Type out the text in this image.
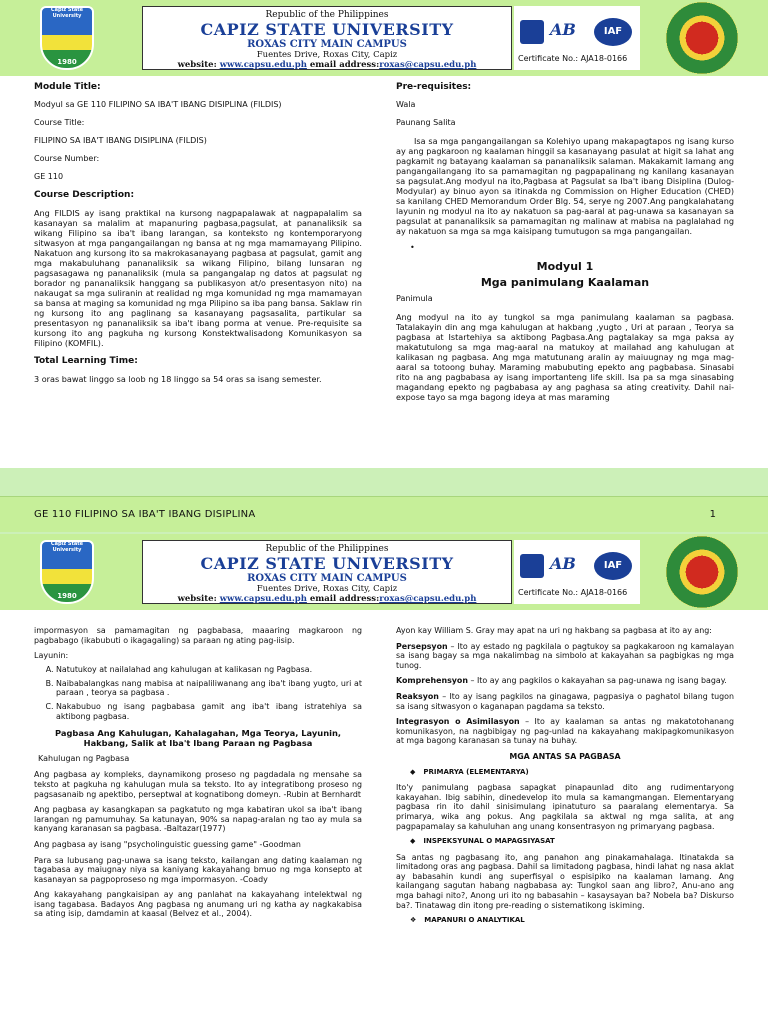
Capiz State University
1980
Republic of the Philippines
CAPIZ STATE UNIVERSITY
ROXAS CITY MAIN CAMPUS
Fuentes Drive, Roxas City, Capiz
website: www.capsu.edu.ph email address:roxas@capsu.edu.ph
AB	IAF
Certificate No.: AJA18-0166
Module Title:
Modyul sa GE 110 FILIPINO SA IBA'T IBANG DISIPLINA (FILDIS)
Course Title:
FILIPINO SA IBA'T IBANG DISIPLINA (FILDIS)
Course Number:
GE 110
Course Description:

Ang FILDIS ay isang praktikal na kursong nagpapalawak at nagpapalalim sa kasanayan sa malalim at mapanuring pagbasa,pagsulat, at pananaliksik sa wikang Filipino sa iba't ibang larangan, sa konteksto ng kontemporaryong sitwasyon at mga pangangailangan ng bansa at ng mga mamamayang Pilipino. Nakatuon ang kursong ito sa makrokasanayang pagbasa at pagsulat, gamit ang mga makabuluhang pananaliksik sa wikang Filipino, bilang lunsaran ng pagsasagawa ng pananaliksik (mula sa pangangalap ng datos at pagsulat ng borador ng pananaliksik hanggang sa publikasyon at/o presentasyon nito) na nakaugat sa mga suliranin at realidad ng mga komunidad ng mga mamamayan sa bansa at maging sa komunidad ng mga Pilipino sa iba pang bansa. Saklaw rin ng kursong ito ang paglinang sa kasanayang pagsasalita, partikular sa presentasyon ng pananaliksik sa iba't ibang porma at venue. Pre-requisite sa kursong ito ang pagkuha ng kursong Konstektwalisadong Komunikasyon sa Filipino (KOMFIL).

Total Learning Time:

3 oras bawat linggo sa loob ng 18 linggo sa 54 oras sa isang semester.

Pre-requisites:
Wala
Paunang Salita

Isa sa mga pangangailangan sa Kolehiyo upang makapagtapos ng isang kurso ay ang pagkaroon ng kaalaman hinggil sa kasanayang pasulat at higit sa lahat ang pagkamit ng batayang kaalaman sa pananaliksik salaman. Makakamit lamang ang pangangailangang ito sa pamamagitan ng pagpapalinang ng kanilang kasanayan sa pagsulat.Ang modyul na ito,Pagbasa at Pagsulat sa Iba't ibang Disiplina (Dulog-Modyular) ay binuo ayon sa itinakda ng Commission on Higher Education (CHED) sa kanilang CHED Memorandum Order Blg. 54, serye ng 2007.Ang pangkalahatang layunin ng modyul na ito ay nakatuon sa pag-aaral at pag-unawa sa kasanayan sa pagsulat at pananaliksik sa pamamagitan ng malinaw at mabisa na paglalahad ng ay nakatuon sa mga sa mga kaisipang tumutugon sa mga pangangailan.

•
Modyul 1
Mga panimulang Kaalaman
Panimula

Ang modyul na ito ay tungkol sa mga panimulang kaalaman sa pagbasa. Tatalakayin din ang mga kahulugan at hakbang ,yugto , Uri at paraan , Teorya sa pagbasa at Istartehiya sa aktibong Pagbasa.Ang pagtalakay sa mga paksa ay makatutulong sa mga mag-aaral na matukoy at mailahad ang kahulugan at kalikasan ng pagbasa. Ang mga matutunang aralin ay maiuugnay ng mga mag-aaral sa totoong buhay. Maraming mabubuting epekto ang pagbabasa. Sinasabi rito na ang pagbabasa ay isang importanteng life skill. Isa pa sa mga sinasabing magandang epekto ng pagbabasa ay ang paghasa sa ating creativity. Dahil nai-expose tayo sa mga bagong ideya at mas maraming

GE 110 FILIPINO SA IBA'T IBANG DISIPLINA	1
Capiz State University
1980
Republic of the Philippines
CAPIZ STATE UNIVERSITY
ROXAS CITY MAIN CAMPUS
Fuentes Drive, Roxas City, Capiz
website: www.capsu.edu.ph email address:roxas@capsu.edu.ph
AB	IAF
Certificate No.: AJA18-0166

impormasyon sa pamamagitan ng pagbabasa, maaaring magkaroon ng pagbabago (ikabubuti o ikagagaling) sa paraan ng ating pag-iisip.

Layunin:
A. Natutukoy at nailalahad ang kahulugan at kalikasan ng Pagbasa.
B. Naibabalangkas nang mabisa at naipaliliwanang ang iba't ibang yugto, uri at paraan , teorya sa pagbasa .
C. Nakabubuo ng isang pagbabasa gamit ang iba't ibang istratehiya sa aktibong pagbasa.
Pagbasa Ang Kahulugan, Kahalagahan, Mga Teorya, Layunin, Hakbang, Salik at Iba't Ibang Paraan ng Pagbasa
Kahulugan ng Pagbasa

Ang pagbasa ay kompleks, daynamikong proseso ng pagdadala ng mensahe sa teksto at pagkuha ng kahulugan mula sa teksto. Ito ay integratibong proseso ng pagsasanaib ng apektibo, perseptwal at kognatibong domeyn. -Rubin at Bernhardt

Ang pagbasa ay kasangkapan sa pagkatuto ng mga kabatiran ukol sa iba't ibang larangan ng pamumuhay. Sa katunayan, 90% sa napag-aralan ng tao ay mula sa kanyang karanasan sa pagbasa. -Baltazar(1977)

Ang pagbasa ay isang "psycholinguistic guessing game" -Goodman

Para sa lubusang pag-unawa sa isang teksto, kailangan ang dating kaalaman ng tagabasa ay maiugnay niya sa kaniyang kakayahang bmuo ng mga konsepto at kasanayan sa pagpoproseso ng mga impormasyon. -Coady

Ang kakayahang pangkaisipan ay ang panlahat na kakayahang intelektwal ng isang tagabasa. Badayos Ang pagbasa ng anumang uri ng katha ay nagkakabisa sa ating isip, damdamin at kaasal (Belvez et al., 2004).

Ayon kay William S. Gray may apat na uri ng hakbang sa pagbasa at ito ay ang:

Persepsyon – Ito ay estado ng pagkilala o pagtukoy sa pagkakaroon ng kamalayan sa isang bagay sa mga nakalimbag na simbolo at kakayahan sa pagbigkas ng mga tunog.

Komprehensyon – Ito ay ang pagkilos o kakayahan sa pag-unawa ng isang bagay.

Reaksyon – Ito ay isang pagkilos na ginagawa, pagpasiya o paghatol bilang tugon sa isang sitwasyon o kaganapan pagdama sa teksto.

Integrasyon o Asimilasyon – Ito ay kaalaman sa antas ng makatotohanang komunikasyon, na nagbibigay ng pag-unlad na kakayahang makipagkomunikasyon at mga bagong karanasan sa tunay na buhay.

MGA ANTAS SA PAGBASA
◆ PRIMARYA (ELEMENTARYA)

Ito'y panimulang pagbasa sapagkat pinapaunlad dito ang rudimentaryong kakayahan. Ibig sabihin, dinedevelop ito mula sa kamangmangan. Elementaryang pagbasa rin ito dahil sinisimulang ipinatuturo sa paaralang elementarya. Sa primarya, wika ang pokus. Ang pagkilala sa aktwal ng mga salita, at ang pagpapamalay sa kahuluhan ang unang konsentrasyon ng primaryang pagbasa.

◆ INSPEKSYUNAL O MAPAGSIYASAT

Sa antas ng pagbasang ito, ang panahon ang pinakamahalaga. Itinatakda sa limitadong oras ang pagbasa. Dahil sa limitadong pagbasa, hindi lahat ng nasa aklat ay babasahin kundi ang superfisyal o espisipiko na kaalaman lamang. Ang kailangang sagutan habang nagbabasa ay: Tungkol saan ang libro?, Anu-ano ang mga bahagi nito?, Anong uri ito ng babasahin – kasaysayan ba? Nobela ba? Diskurso ba?. Tinatawag din itong pre-reading o sistematikong iskiming.

❖ MAPANURI O ANALYTIKAL
